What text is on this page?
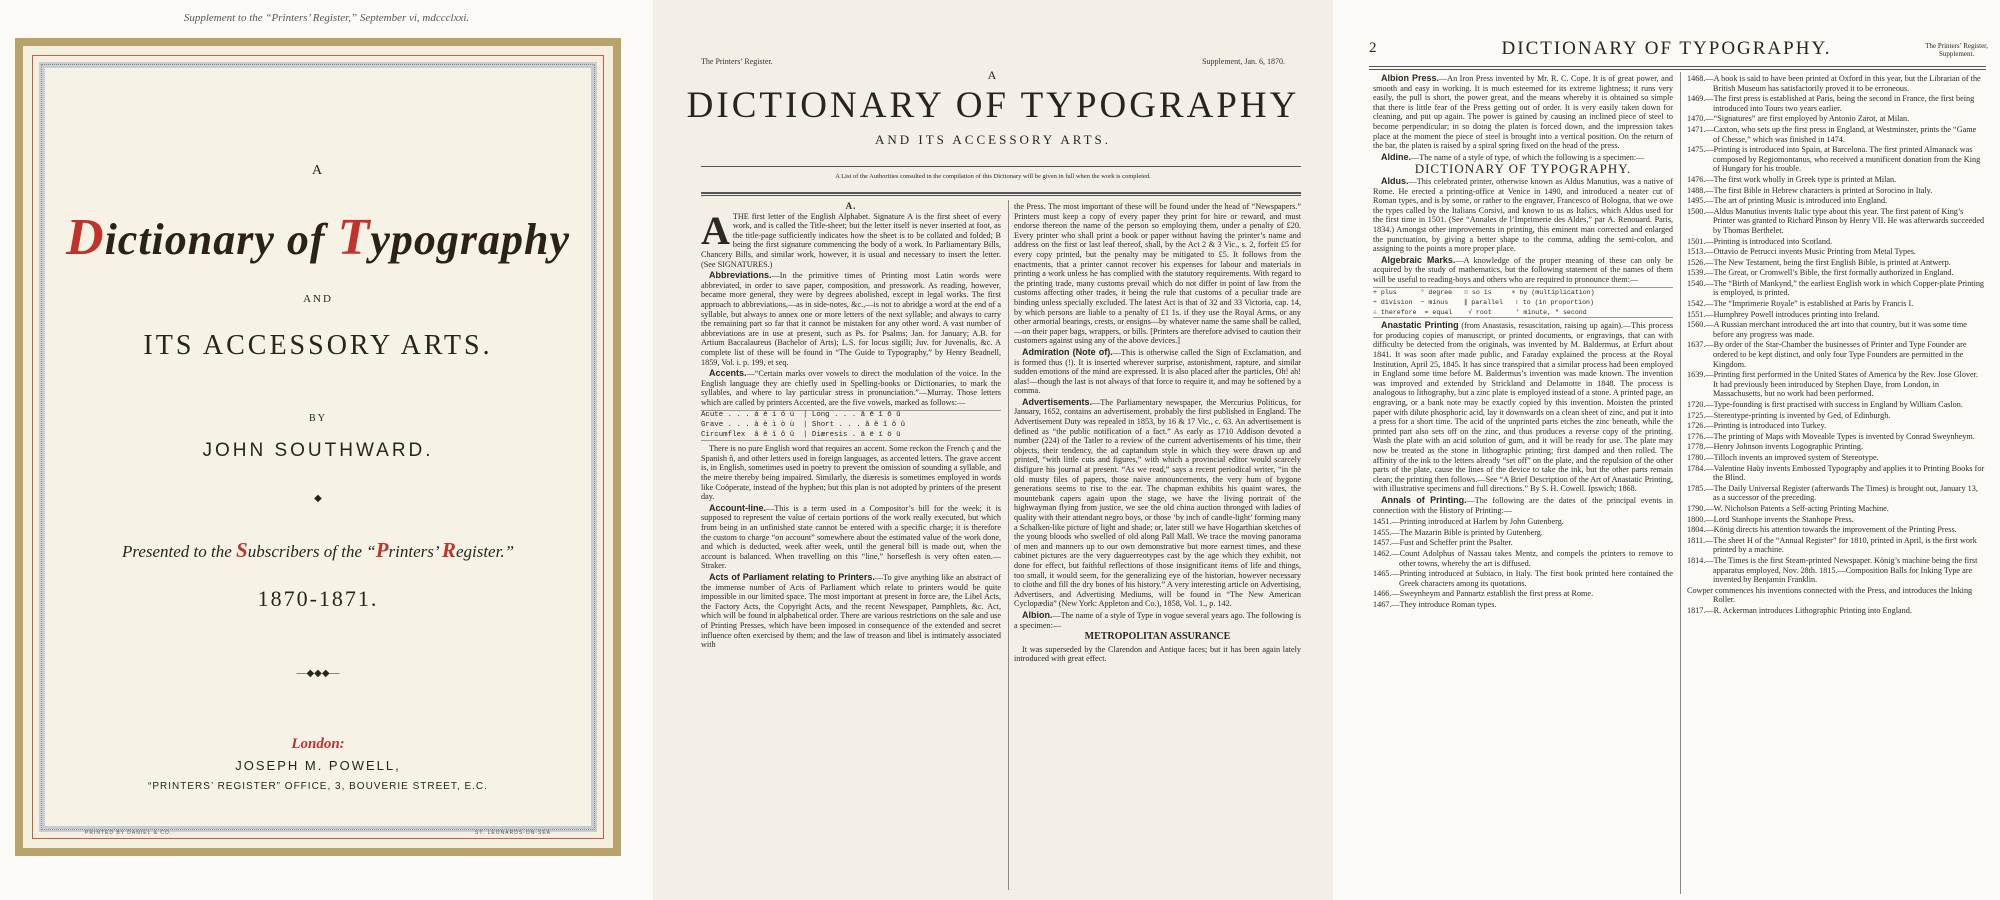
Supplement to the “Printers’ Register,” September vi, mdccclxxi.
A
Dictionary of Typography
AND
ITS ACCESSORY ARTS.
BY
JOHN SOUTHWARD.
◆
Presented to the Subscribers of the “Printers’ Register.”
1870-1871.
—◆◆◆—
London:
JOSEPH M. POWELL,
“PRINTERS’ REGISTER” OFFICE, 3, BOUVERIE STREET, E.C.
PRINTED BY DANIEL & CO.	ST. LEONARDS-ON-SEA
The Printers’ Register.	Supplement, Jan. 6, 1870.
A
DICTIONARY OF TYPOGRAPHY
AND ITS ACCESSORY ARTS.
A List of the Authorities consulted in the compilation of this Dictionary will be given in full when the work is completed.
A.

ATHE first letter of the English Alphabet. Signature A is the first sheet of every work, and is called the Title-sheet; but the letter itself is never inserted at foot, as the title-page sufficiently indicates how the sheet is to be collated and folded; B being the first signature commencing the body of a work. In Parliamentary Bills, Chancery Bills, and similar work, however, it is usual and necessary to insert the letter. (See SIGNATURES.)

Abbreviations.—In the primitive times of Printing most Latin words were abbreviated, in order to save paper, composition, and presswork. As reading, however, became more general, they were by degrees abolished, except in legal works. The first approach to abbreviations,—as in side-notes, &c.,—is not to abridge a word at the end of a syllable, but always to annex one or more letters of the next syllable; and always to carry the remaining part so far that it cannot be mistaken for any other word. A vast number of abbreviations are in use at present, such as Ps. for Psalms; Jan. for January; A.B. for Artium Baccalaureus (Bachelor of Arts); L.S. for locus sigilli; Juv. for Juvenalis, &c. A complete list of these will be found in “The Guide to Typography,” by Henry Beadnell, 1859, Vol. i. p. 199, et seq.

Accents.—“Certain marks over vowels to direct the modulation of the voice. In the English language they are chiefly used in Spelling-books or Dictionaries, to mark the syllables, and where to lay particular stress in pronunciation.”—Murray. Those letters which are called by printers Accented, are the five vowels, marked as follows:—

Acute . . . á é í ó ú  | Long . . . ā ē ī ō ū
Grave . . . à è ì ò ù  | Short . . . ă ĕ ĭ ŏ ŭ
Circumflex  â ê î ô û  | Diæresis . ä ë ï ö ü

There is no pure English word that requires an accent. Some reckon the French ç and the Spanish ñ, and other letters used in foreign languages, as accented letters. The grave accent is, in English, sometimes used in poetry to prevent the omission of sounding a syllable, and the metre thereby being impaired. Similarly, the diæresis is sometimes employed in words like Coöperate, instead of the hyphen; but this plan is not adopted by printers of the present day.

Account-line.—This is a term used in a Compositor’s bill for the week; it is supposed to represent the value of certain portions of the work really executed, but which from being in an unfinished state cannot be entered with a specific charge; it is therefore the custom to charge “on account” somewhere about the estimated value of the work done, and which is deducted, week after week, until the general bill is made out, when the account is balanced. When travelling on this “line,” horseflesh is very often eaten.—Straker.

Acts of Parliament relating to Printers.—To give anything like an abstract of the immense number of Acts of Parliament which relate to printers would be quite impossible in our limited space. The most important at present in force are, the Libel Acts, the Factory Acts, the Copyright Acts, and the recent Newspaper, Pamphlets, &c. Act, which will be found in alphabetical order. There are various restrictions on the sale and use of Printing Presses, which have been imposed in consequence of the extended and secret influence often exercised by them; and the law of treason and libel is intimately associated with

the Press. The most important of these will be found under the head of “Newspapers.” Printers must keep a copy of every paper they print for hire or reward, and must endorse thereon the name of the person so employing them, under a penalty of £20. Every printer who shall print a book or paper without having the printer’s name and address on the first or last leaf thereof, shall, by the Act 2 & 3 Vic., s. 2, forfeit £5 for every copy printed, but the penalty may be mitigated to £5. It follows from the enactments, that a printer cannot recover his expenses for labour and materials in printing a work unless he has complied with the statutory requirements. With regard to the printing trade, many customs prevail which do not differ in point of law from the customs affecting other trades, it being the rule that customs of a peculiar trade are binding unless specially excluded. The latest Act is that of 32 and 33 Victoria, cap. 14, by which persons are liable to a penalty of £1 1s. if they use the Royal Arms, or any other armorial bearings, crests, or ensigns—by whatever name the same shall be called,—on their paper bags, wrappers, or bills. [Printers are therefore advised to caution their customers against using any of the above devices.]

Admiration (Note of).—This is otherwise called the Sign of Exclamation, and is formed thus (!). It is inserted wherever surprise, astonishment, rapture, and similar sudden emotions of the mind are expressed. It is also placed after the particles, Oh! ah! alas!—though the last is not always of that force to require it, and may be softened by a comma.

Advertisements.—The Parliamentary newspaper, the Mercurius Politicus, for January, 1652, contains an advertisement, probably the first published in England. The Advertisement Duty was repealed in 1853, by 16 & 17 Vic., c. 63. An advertisement is defined as “the public notification of a fact.” As early as 1710 Addison devoted a number (224) of the Tatler to a review of the current advertisements of his time, their objects, their tendency, the ad captandum style in which they were drawn up and printed, “with little cuts and figures,” with which a provincial editor would scarcely disfigure his journal at present. “As we read,” says a recent periodical writer, “in the old musty files of papers, those naive announcements, the very hum of bygone generations seems to rise to the ear. The chapman exhibits his quaint wares, the mountebank capers again upon the stage, we have the living portrait of the highwayman flying from justice, we see the old china auction thronged with ladies of quality with their attendant negro boys, or those ‘by inch of candle-light’ forming many a Schalken-like picture of light and shade; or, later still we have Hogarthian sketches of the young bloods who swelled of old along Pall Mall. We trace the moving panorama of men and manners up to our own demonstrative but more earnest times, and these cabinet pictures are the very daguerreotypes cast by the age which they exhibit, not done for effect, but faithful reflections of those insignificant items of life and things, too small, it would seem, for the generalizing eye of the historian, however necessary to clothe and fill the dry bones of his history.” A very interesting article on Advertising, Advertisers, and Advertising Mediums, will be found in “The New American Cyclopædia” (New York: Appleton and Co.), 1858, Vol. 1., p. 142.

Albion.—The name of a style of Type in vogue several years ago. The following is a specimen:—

METROPOLITAN ASSURANCE

It was superseded by the Clarendon and Antique faces; but it has been again lately introduced with great effect.

2	DICTIONARY OF TYPOGRAPHY.	The Printers’ Register,
Supplement.

Albion Press.—An Iron Press invented by Mr. R. C. Cope. It is of great power, and smooth and easy in working. It is much esteemed for its extreme lightness; it runs very easily, the pull is short, the power great, and the means whereby it is obtained so simple that there is little fear of the Press getting out of order. It is very easily taken down for cleaning, and put up again. The power is gained by causing an inclined piece of steel to become perpendicular; in so doing the platen is forced down, and the impression takes place at the moment the piece of steel is brought into a vertical position. On the return of the bar, the platen is raised by a spiral spring fixed on the head of the press.

Aldine.—The name of a style of type, of which the following is a specimen:—

DICTIONARY OF TYPOGRAPHY.

Aldus.—This celebrated printer, otherwise known as Aldus Manutius, was a native of Rome. He erected a printing-office at Venice in 1490, and introduced a neater cut of Roman types, and is by some, or rather to the engraver, Francesco of Bologna, that we owe the types called by the Italians Corsivi, and known to us as Italics, which Aldus used for the first time in 1501. (See “Annales de l’Imprimerie des Aldes,” par A. Renouard. Paris, 1834.) Amongst other improvements in printing, this eminent man corrected and enlarged the punctuation, by giving a better shape to the comma, adding the semi-colon, and assigning to the points a more proper place.

Algebraic Marks.—A knowledge of the proper meaning of these can only be acquired by the study of mathematics, but the following statement of the names of them will be useful to reading-boys and others who are required to pronounce them:—

+ plus      ° degree   ∷ so is     × by (multiplication)
÷ division  − minus    ∥ parallel   ∶ to (in proportion)
∴ therefore  = equal    √ root      ′ minute, ″ second

Anastatic Printing (from Anastasis, resuscitation, raising up again).—This process for producing copies of manuscript, or printed documents, or engravings, that can with difficulty be detected from the originals, was invented by M. Baldermus, at Erfurt about 1841. It was soon after made public, and Faraday explained the process at the Royal Institution, April 25, 1845. It has since transpired that a similar process had been employed in England some time before M. Baldermus’s invention was made known. The invention was improved and extended by Strickland and Delamotte in 1848. The process is analogous to lithography, but a zinc plate is employed instead of a stone. A printed page, an engraving, or a bank note may be exactly copied by this invention. Moisten the printed paper with dilute phosphoric acid, lay it downwards on a clean sheet of zinc, and put it into a press for a short time. The acid of the unprinted parts etches the zinc beneath, while the printed part also sets off on the zinc, and thus produces a reverse copy of the printing. Wash the plate with an acid solution of gum, and it will be ready for use. The plate may now be treated as the stone in lithographic printing; first damped and then rolled. The affinity of the ink to the letters already “set off” on the plate, and the repulsion of the other parts of the plate, cause the lines of the device to take the ink, but the other parts remain clean; the printing then follows.—See “A Brief Description of the Art of Anastatic Printing, with illustrative specimens and full directions.” By S. H. Cowell. Ipswich; 1868.

Annals of Printing.—The following are the dates of the principal events in connection with the History of Printing:—

1451.—Printing introduced at Harlem by John Gutenberg.
1455.—The Mazarin Bible is printed by Gutenberg.
1457.—Fust and Scheffer print the Psalter.
1462.—Count Adolphus of Nassau takes Mentz, and compels the printers to remove to other towns, whereby the art is diffused.
1465.—Printing introduced at Subiaco, in Italy. The first book printed here contained the Greek characters among its quotations.
1466.—Sweynheym and Pannartz establish the first press at Rome.
1467.—They introduce Roman types.
1468.—A book is said to have been printed at Oxford in this year, but the Librarian of the British Museum has satisfactorily proved it to be erroneous.
1469.—The first press is established at Paris, being the second in France, the first being introduced into Tours two years earlier.
1470.—“Signatures” are first employed by Antonio Zarot, at Milan.
1471.—Caxton, who sets up the first press in England, at Westminster, prints the “Game of Chesse,” which was finished in 1474.
1475.—Printing is introduced into Spain, at Barcelona. The first printed Almanack was composed by Regiomontanus, who received a munificent donation from the King of Hungary for his trouble.
1476.—The first work wholly in Greek type is printed at Milan.
1488.—The first Bible in Hebrew characters is printed at Sorocino in Italy.
1495.—The art of printing Music is introduced into England.
1500.—Aldus Manutius invents Italic type about this year. The first patent of King’s Printer was granted to Richard Pinson by Henry VII. He was afterwards succeeded by Thomas Berthelet.
1501.—Printing is introduced into Scotland.
1513.—Ottavio de Petrucci invents Music Printing from Metal Types.
1526.—The New Testament, being the first English Bible, is printed at Antwerp.
1539.—The Great, or Cromwell’s Bible, the first formally authorized in England.
1540.—The “Birth of Mankynd,” the earliest English work in which Copper-plate Printing is employed, is printed.
1542.—The “Imprimerie Royale” is established at Paris by Francis I.
1551.—Humphrey Powell introduces printing into Ireland.
1560.—A Russian merchant introduced the art into that country, but it was some time before any progress was made.
1637.—By order of the Star-Chamber the businesses of Printer and Type Founder are ordered to be kept distinct, and only four Type Founders are permitted in the Kingdom.
1639.—Printing first performed in the United States of America by the Rev. Jose Glover. It had previously been introduced by Stephen Daye, from London, in Massachusetts, but no work had been performed.
1720.—Type-founding is first practised with success in England by William Caslon.
1725.—Stereotype-printing is invented by Ged, of Edinburgh.
1726.—Printing is introduced into Turkey.
1776.—The printing of Maps with Moveable Types is invented by Conrad Sweynheym.
1778.—Henry Johnson invents Logographic Printing.
1780.—Tilloch invents an improved system of Stereotype.
1784.—Valentine Haüy invents Embossed Typography and applies it to Printing Books for the Blind.
1785.—The Daily Universal Register (afterwards The Times) is brought out, January 13, as a successor of the preceding.
1790.—W. Nicholson Patents a Self-acting Printing Machine.
1800.—Lord Stanhope invents the Stanhope Press.
1804.—König directs his attention towards the improvement of the Printing Press.
1811.—The sheet H of the “Annual Register” for 1810, printed in April, is the first work printed by a machine.
1814.—The Times is the first Steam-printed Newspaper. König’s machine being the first apparatus employed, Nov. 28th. 1815.—Composition Balls for Inking Type are invented by Benjamin Franklin.
Cowper commences his inventions connected with the Press, and introduces the Inking Roller.
1817.—R. Ackerman introduces Lithographic Printing into England.
